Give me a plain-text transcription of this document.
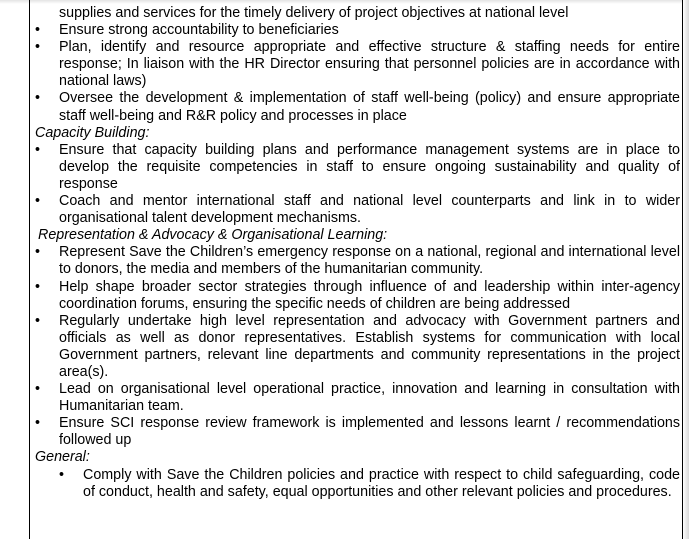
supplies and services for the timely delivery of project objectives at national level
•	Ensure strong accountability to beneficiaries
•	Plan, identify and resource appropriate and effective structure & staffing needs for entire response; In liaison with the HR Director ensuring that personnel policies are in accordance with national laws)
•	Oversee the development & implementation of staff well-being (policy) and ensure appropriate staff well-being and R&R policy and processes in place
Capacity Building:
•	Ensure that capacity building plans and performance management systems are in place to develop the requisite competencies in staff to ensure ongoing sustainability and quality of response
•	Coach and mentor international staff and national level counterparts and link in to wider organisational talent development mechanisms.
Representation & Advocacy & Organisational Learning:
•	Represent Save the Children’s emergency response on a national, regional and international level to donors, the media and members of the humanitarian community.
•	Help shape broader sector strategies through influence of and leadership within inter-agency coordination forums, ensuring the specific needs of children are being addressed
•	Regularly undertake high level representation and advocacy with Government partners and officials as well as donor representatives. Establish systems for communication with local Government partners, relevant line departments and community representations in the project area(s).
•	Lead on organisational level operational practice, innovation and learning in consultation with Humanitarian team.
•	Ensure SCI response review framework is implemented and lessons learnt / recommendations followed up
General:
•	Comply with Save the Children policies and practice with respect to child safeguarding, code of conduct, health and safety, equal opportunities and other relevant policies and procedures.
